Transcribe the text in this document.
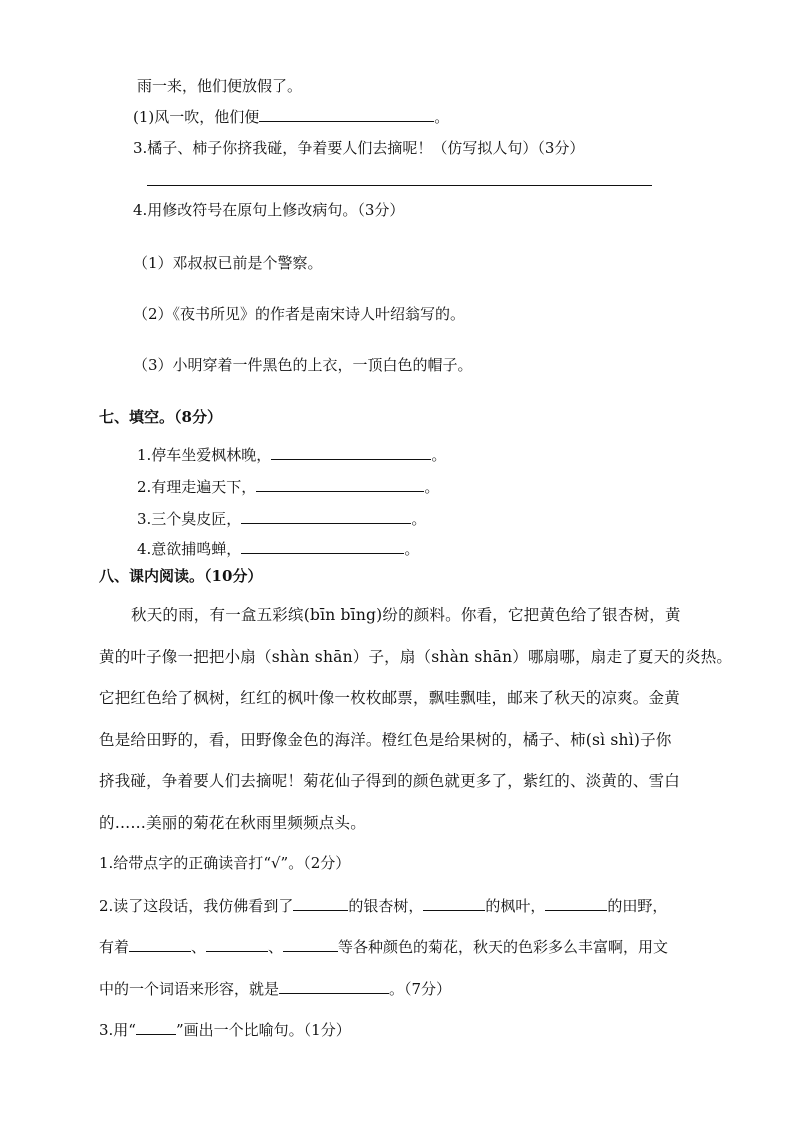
雨一来，他们便放假了。
(1)风一吹，他们便	。
3.橘子、柿子你挤我碰，争着要人们去摘呢！（仿写拟人句）（3分）
4.用修改符号在原句上修改病句。（3分）
（1）邓叔叔已前是个警察。
（2）《夜书所见》的作者是南宋诗人叶绍翁写的。
（3）小明穿着一件黑色的上衣，一顶白色的帽子。
七、填空。（8分）
1.停车坐爱枫林晚，	。
2.有理走遍天下，	。
3.三个臭皮匠，	。
4.意欲捕鸣蝉，	。
八、课内阅读。（10分）
秋天的雨，有一盒五彩缤(bīn bīng)纷的颜料。你看，它把黄色给了银杏树，黄
黄的叶子像一把把小扇（shàn shān）子，扇（shàn shān）哪扇哪，扇走了夏天的炎热。
它把红色给了枫树，红红的枫叶像一枚枚邮票，飘哇飘哇，邮来了秋天的凉爽。金黄
色是给田野的，看，田野像金色的海洋。橙红色是给果树的，橘子、柿(sì shì)子你
挤我碰，争着要人们去摘呢！菊花仙子得到的颜色就更多了，紫红的、淡黄的、雪白
的……美丽的菊花在秋雨里频频点头。
1.给带点字的正确读音打“√”。（2分）
2.读了这段话，我仿佛看到了	的银杏树，	的枫叶，	的田野，
有着	、	、	等各种颜色的菊花，秋天的色彩多么丰富啊，用文
中的一个词语来形容，就是	。（7分）
3.用“	”画出一个比喻句。（1分）
